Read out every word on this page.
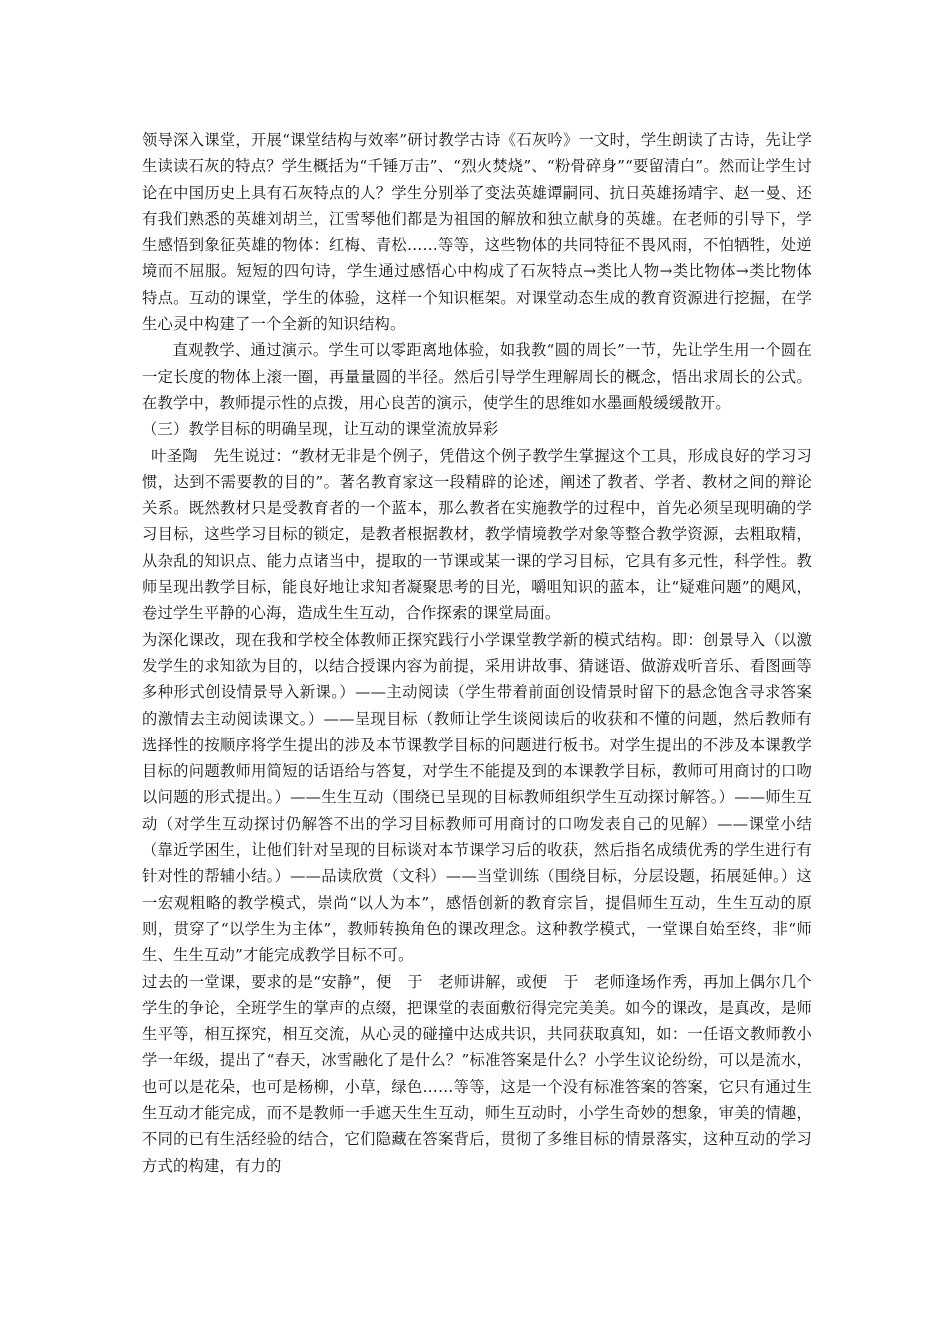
领导深入课堂，开展“课堂结构与效率”研讨教学古诗《石灰吟》一文时，学生朗读了古诗，先让学生读读石灰的特点？学生概括为“千锤万击”、“烈火焚烧”、“粉骨碎身”“要留清白”。然而让学生讨论在中国历史上具有石灰特点的人？学生分别举了变法英雄谭嗣同、抗日英雄扬靖宇、赵一曼、还有我们熟悉的英雄刘胡兰，江雪琴他们都是为祖国的解放和独立献身的英雄。在老师的引导下，学生感悟到象征英雄的物体：红梅、青松……等等，这些物体的共同特征不畏风雨，不怕牺牲，处逆境而不屈服。短短的四句诗，学生通过感悟心中构成了石灰特点→类比人物→类比物体→类比物体特点。互动的课堂，学生的体验，这样一个知识框架。对课堂动态生成的教育资源进行挖掘，在学生心灵中构建了一个全新的知识结构。

直观教学、通过演示。学生可以零距离地体验，如我教“圆的周长”一节，先让学生用一个圆在一定长度的物体上滚一圈，再量量圆的半径。然后引导学生理解周长的概念，悟出求周长的公式。在教学中，教师提示性的点拨，用心良苦的演示，使学生的思维如水墨画般缓缓散开。

（三）教学目标的明确呈现，让互动的课堂流放异彩

叶圣陶　先生说过：“教材无非是个例子，凭借这个例子教学生掌握这个工具，形成良好的学习习惯，达到不需要教的目的”。著名教育家这一段精辟的论述，阐述了教者、学者、教材之间的辩论关系。既然教材只是受教育者的一个蓝本，那么教者在实施教学的过程中，首先必须呈现明确的学习目标，这些学习目标的锁定，是教者根据教材，教学情境教学对象等整合教学资源，去粗取精，从杂乱的知识点、能力点诸当中，提取的一节课或某一课的学习目标，它具有多元性，科学性。教师呈现出教学目标，能良好地让求知者凝聚思考的目光，嚼咀知识的蓝本，让“疑难问题”的飓风，卷过学生平静的心海，造成生生互动，合作探索的课堂局面。

为深化课改，现在我和学校全体教师正探究践行小学课堂教学新的模式结构。即：创景导入（以激发学生的求知欲为目的，以结合授课内容为前提，采用讲故事、猜谜语、做游戏听音乐、看图画等多种形式创设情景导入新课。）——主动阅读（学生带着前面创设情景时留下的悬念饱含寻求答案的激情去主动阅读课文。）——呈现目标（教师让学生谈阅读后的收获和不懂的问题，然后教师有选择性的按顺序将学生提出的涉及本节课教学目标的问题进行板书。对学生提出的不涉及本课教学目标的问题教师用简短的话语给与答复，对学生不能提及到的本课教学目标，教师可用商讨的口吻以问题的形式提出。）——生生互动（围绕已呈现的目标教师组织学生互动探讨解答。）——师生互动（对学生互动探讨仍解答不出的学习目标教师可用商讨的口吻发表自己的见解）——课堂小结（靠近学困生，让他们针对呈现的目标谈对本节课学习后的收获，然后指名成绩优秀的学生进行有针对性的帮辅小结。）——品读欣赏（文科）——当堂训练（围绕目标，分层设题，拓展延伸。）这一宏观粗略的教学模式，崇尚“以人为本”，感悟创新的教育宗旨，提倡师生互动，生生互动的原则，贯穿了“以学生为主体”，教师转换角色的课改理念。这种教学模式，一堂课自始至终，非“师生、生生互动”才能完成教学目标不可。

过去的一堂课，要求的是“安静”，便　于　老师讲解，或便　于　老师逢场作秀，再加上偶尔几个学生的争论，全班学生的掌声的点缀，把课堂的表面敷衍得完完美美。如今的课改，是真改，是师生平等，相互探究，相互交流，从心灵的碰撞中达成共识，共同获取真知，如：一任语文教师教小学一年级，提出了“春天，冰雪融化了是什么？”标准答案是什么？小学生议论纷纷，可以是流水，也可以是花朵，也可是杨柳，小草，绿色……等等，这是一个没有标准答案的答案，它只有通过生生互动才能完成，而不是教师一手遮天生生互动，师生互动时，小学生奇妙的想象，审美的情趣，不同的已有生活经验的结合，它们隐藏在答案背后，贯彻了多维目标的情景落实，这种互动的学习方式的构建，有力的
